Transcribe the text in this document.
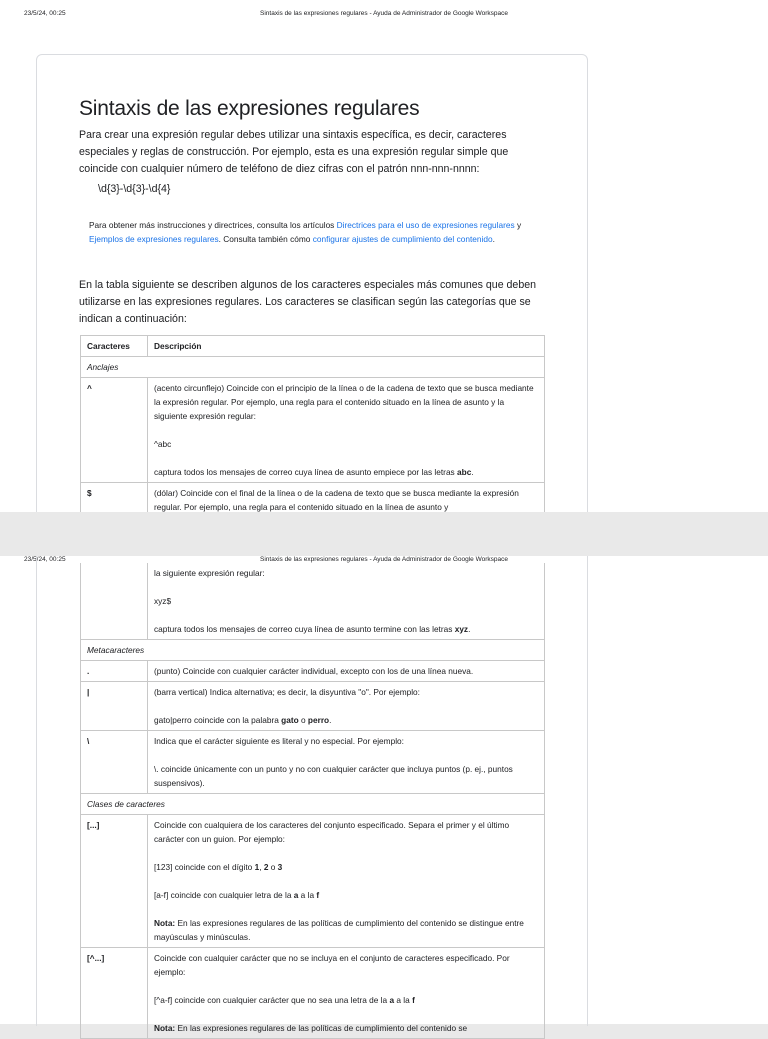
23/5/24, 00:25	Sintaxis de las expresiones regulares - Ayuda de Administrador de Google Workspace
Sintaxis de las expresiones regulares
Para crear una expresión regular debes utilizar una sintaxis específica, es decir, caracteres especiales y reglas de construcción. Por ejemplo, esta es una expresión regular simple que coincide con cualquier número de teléfono de diez cifras con el patrón nnn-nnn-nnnn:
\d{3}-\d{3}-\d{4}
Para obtener más instrucciones y directrices, consulta los artículos Directrices para el uso de expresiones regulares y Ejemplos de expresiones regulares. Consulta también cómo configurar ajustes de cumplimiento del contenido.
En la tabla siguiente se describen algunos de los caracteres especiales más comunes que deben utilizarse en las expresiones regulares. Los caracteres se clasifican según las categorías que se indican a continuación:
Caracteres	Descripción
Anclajes	
^	(acento circunflejo) Coincide con el principio de la línea o de la cadena de texto que se busca mediante la expresión regular. Por ejemplo, una regla para el contenido situado en la línea de asunto y la siguiente expresión regular:

^abc

captura todos los mensajes de correo cuya línea de asunto empiece por las letras abc.

$	(dólar) Coincide con el final de la línea o de la cadena de texto que se busca mediante la expresión regular. Por ejemplo, una regla para el contenido situado en la línea de asunto y

23/5/24, 00:25	Sintaxis de las expresiones regulares - Ayuda de Administrador de Google Workspace

	la siguiente expresión regular:

xyz$

captura todos los mensajes de correo cuya línea de asunto termine con las letras xyz.

Metacaracteres	
.	(punto) Coincide con cualquier carácter individual, excepto con los de una línea nueva.

|	(barra vertical) Indica alternativa; es decir, la disyuntiva "o". Por ejemplo:

gato|perro coincide con la palabra gato o perro.

\	Indica que el carácter siguiente es literal y no especial. Por ejemplo:

\. coincide únicamente con un punto y no con cualquier carácter que incluya puntos (p. ej., puntos suspensivos).

Clases de caracteres	
[...]	Coincide con cualquiera de los caracteres del conjunto especificado. Separa el primer y el último carácter con un guion. Por ejemplo:

[123] coincide con el dígito 1, 2 o 3

[a-f] coincide con cualquier letra de la a a la f

Nota: En las expresiones regulares de las políticas de cumplimiento del contenido se distingue entre mayúsculas y minúsculas.

[^...]	Coincide con cualquier carácter que no se incluya en el conjunto de caracteres especificado. Por ejemplo:

[^a-f] coincide con cualquier carácter que no sea una letra de la a a la f

Nota: En las expresiones regulares de las políticas de cumplimiento del contenido se
